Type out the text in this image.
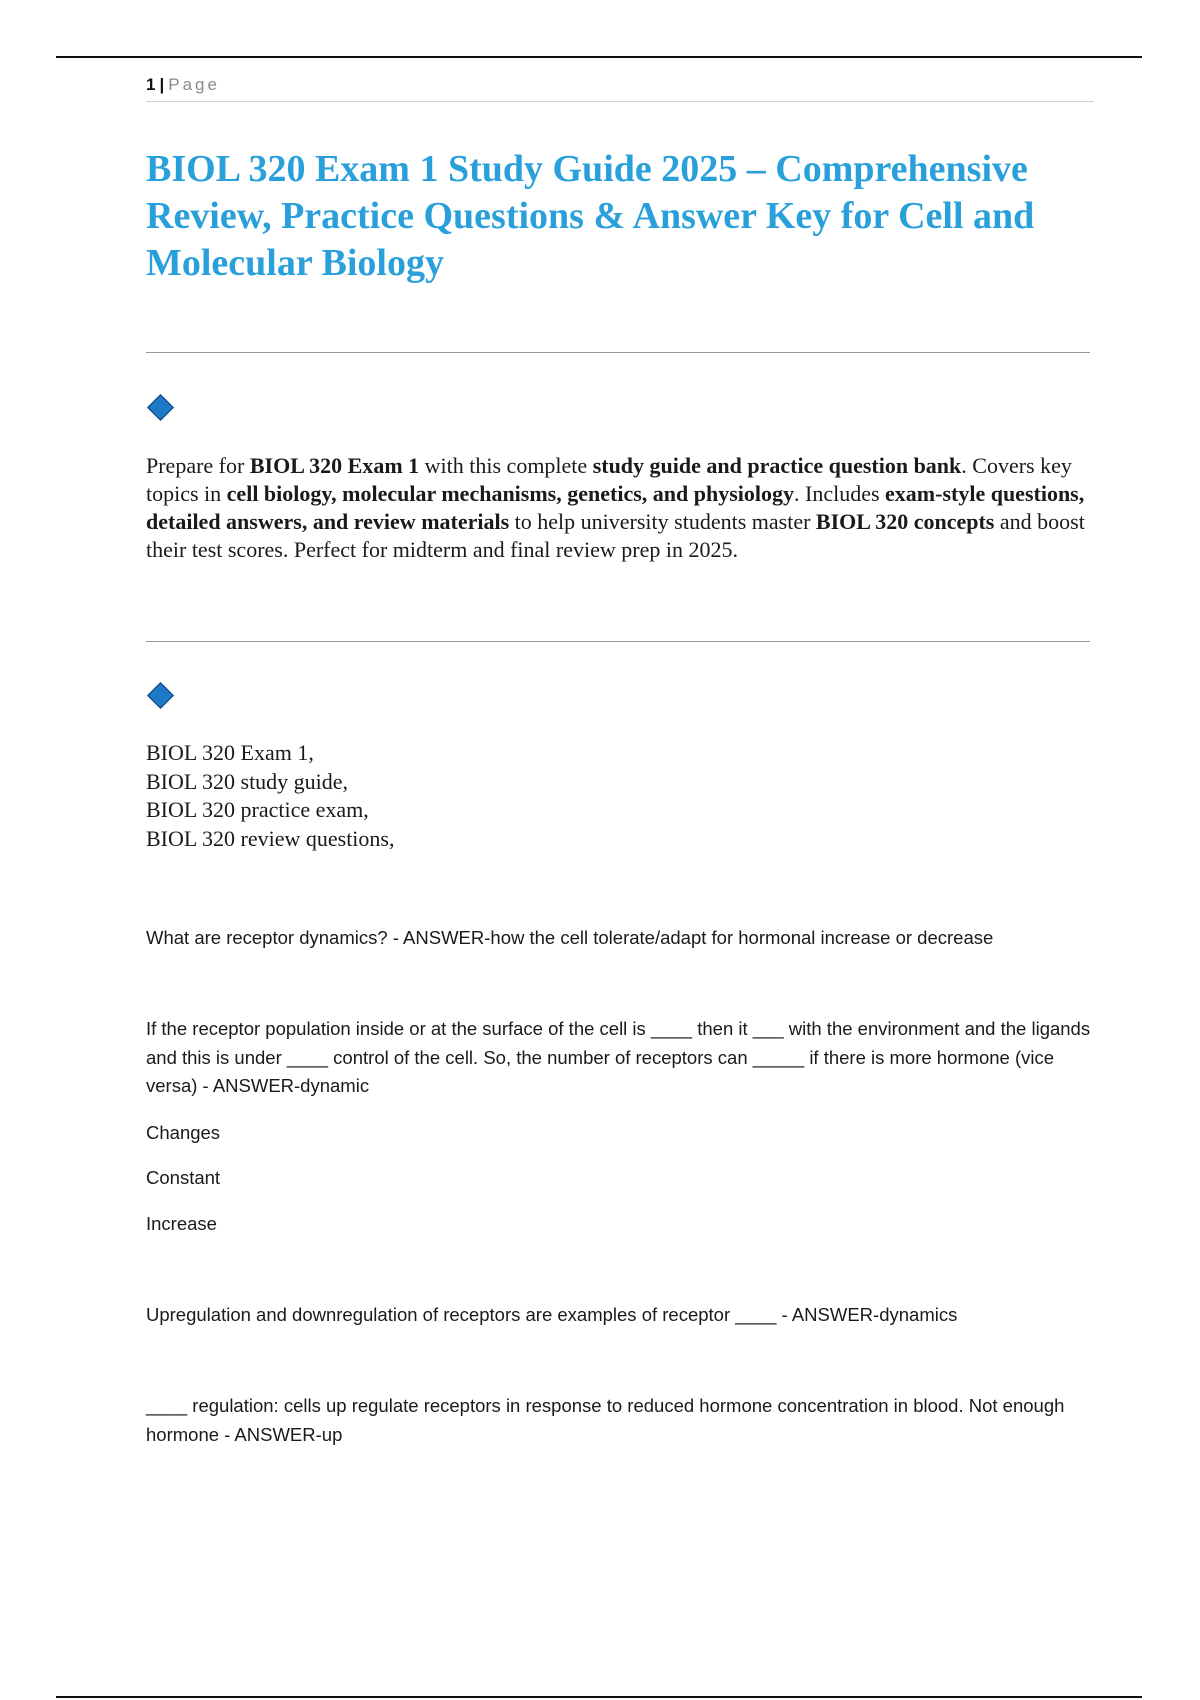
1 | Page
BIOL 320 Exam 1 Study Guide 2025 – Comprehensive Review, Practice Questions & Answer Key for Cell and Molecular Biology

Prepare for BIOL 320 Exam 1 with this complete study guide and practice question bank. Covers key topics in cell biology, molecular mechanisms, genetics, and physiology. Includes exam-style questions, detailed answers, and review materials to help university students master BIOL 320 concepts and boost their test scores. Perfect for midterm and final review prep in 2025.

BIOL 320 Exam 1,
BIOL 320 study guide,
BIOL 320 practice exam,
BIOL 320 review questions,

What are receptor dynamics? - ANSWER-how the cell tolerate/adapt for hormonal increase or decrease

If the receptor population inside or at the surface of the cell is ____ then it ___ with the environment and the ligands and this is under ____ control of the cell. So, the number of receptors can _____ if there is more hormone (vice versa) - ANSWER-dynamic

Changes

Constant

Increase

Upregulation and downregulation of receptors are examples of receptor ____ - ANSWER-dynamics

____ regulation: cells up regulate receptors in response to reduced hormone concentration in blood. Not enough hormone - ANSWER-up
